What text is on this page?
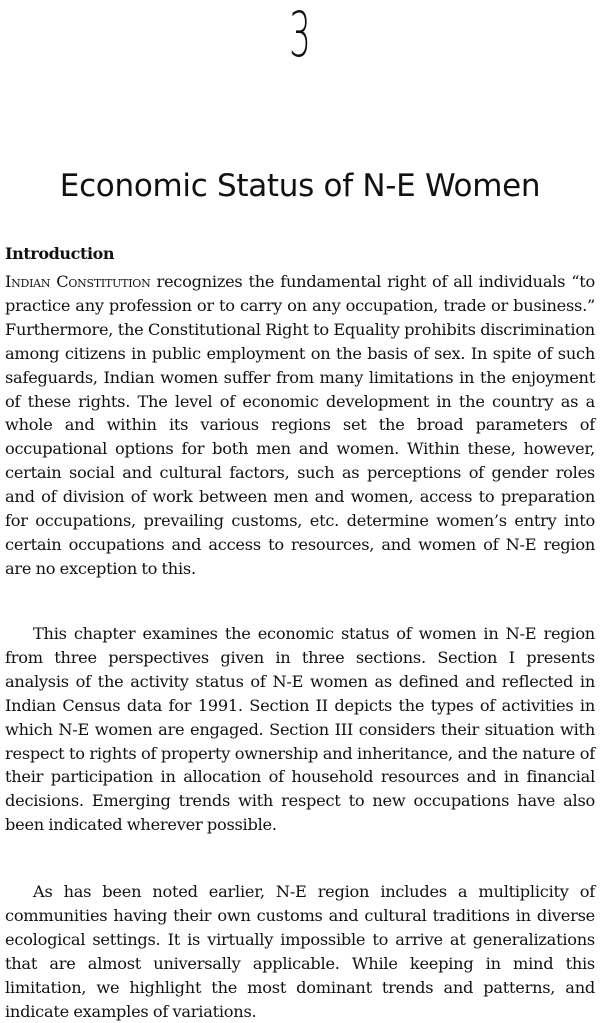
3
Economic Status of N-E Women
Introduction

Indian Constitution recognizes the fundamental right of all individuals “to practice any profession or to carry on any occupation, trade or business.” Furthermore, the Constitutional Right to Equality prohibits discrimination among citizens in public employment on the basis of sex. In spite of such safeguards, Indian women suffer from many limitations in the enjoyment of these rights. The level of economic development in the country as a whole and within its various regions set the broad parameters of occupational options for both men and women. Within these, however, certain social and cultural factors, such as perceptions of gender roles and of division of work between men and women, access to preparation for occupations, prevailing customs, etc. determine women’s entry into certain occupations and access to resources, and women of N-E region are no exception to this.

This chapter examines the economic status of women in N-E region from three perspectives given in three sections. Section I presents analysis of the activity status of N-E women as defined and reflected in Indian Census data for 1991. Section II depicts the types of activities in which N-E women are engaged. Section III considers their situation with respect to rights of property ownership and inheritance, and the nature of their participation in allocation of household resources and in financial decisions. Emerging trends with respect to new occupations have also been indicated wherever possible.

As has been noted earlier, N-E region includes a multiplicity of communities having their own customs and cultural traditions in diverse ecological settings. It is virtually impossible to arrive at generalizations that are almost universally applicable. While keeping in mind this limitation, we highlight the most dominant trends and patterns, and indicate examples of variations.
